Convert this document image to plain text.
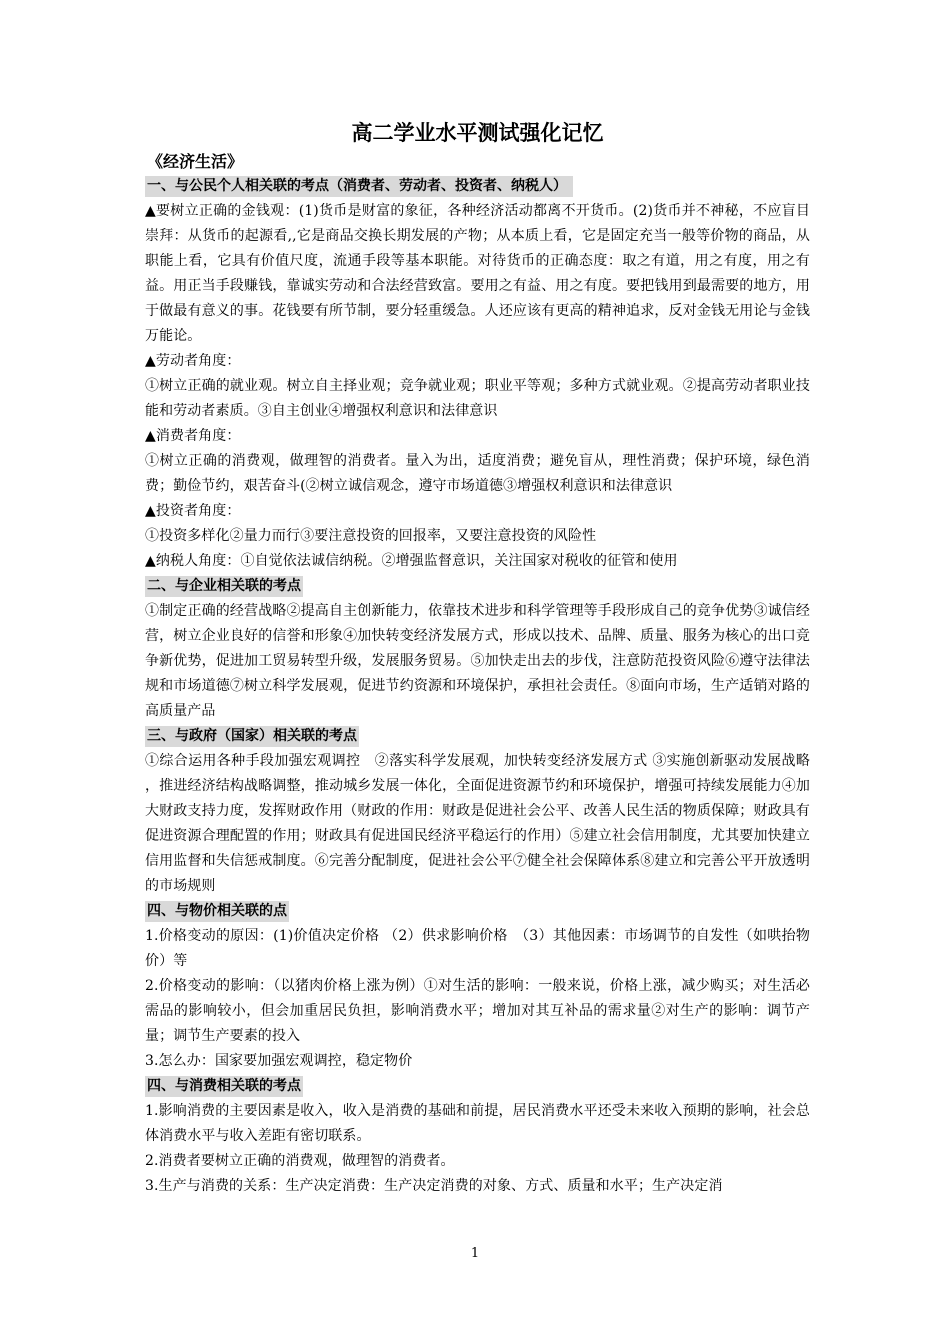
高二学业水平测试强化记忆
《经济生活》
一、与公民个人相关联的考点（消费者、劳动者、投资者、纳税人）

▲要树立正确的金钱观：(1)货币是财富的象征，各种经济活动都离不开货币。(2)货币并不神秘，不应盲目崇拜：从货币的起源看,,它是商品交换长期发展的产物；从本质上看，它是固定充当一般等价物的商品，从职能上看，它具有价值尺度，流通手段等基本职能。对待货币的正确态度：取之有道，用之有度，用之有益。用正当手段赚钱，靠诚实劳动和合法经营致富。要用之有益、用之有度。要把钱用到最需要的地方，用于做最有意义的事。花钱要有所节制，要分轻重缓急。人还应该有更高的精神追求，反对金钱无用论与金钱万能论。

▲劳动者角度：

①树立正确的就业观。树立自主择业观；竞争就业观；职业平等观；多种方式就业观。②提高劳动者职业技能和劳动者素质。③自主创业④增强权利意识和法律意识

▲消费者角度：

①树立正确的消费观，做理智的消费者。量入为出，适度消费；避免盲从，理性消费；保护环境，绿色消费；勤俭节约，艰苦奋斗(②树立诚信观念，遵守市场道德③增强权利意识和法律意识

▲投资者角度：

①投资多样化②量力而行③要注意投资的回报率，又要注意投资的风险性

▲纳税人角度：①自觉依法诚信纳税。②增强监督意识，关注国家对税收的征管和使用

二、与企业相关联的考点

①制定正确的经营战略②提高自主创新能力，依靠技术进步和科学管理等手段形成自己的竞争优势③诚信经营，树立企业良好的信誉和形象④加快转变经济发展方式，形成以技术、品牌、质量、服务为核心的出口竞争新优势，促进加工贸易转型升级，发展服务贸易。⑤加快走出去的步伐，注意防范投资风险⑥遵守法律法规和市场道德⑦树立科学发展观，促进节约资源和环境保护，承担社会责任。⑧面向市场，生产适销对路的高质量产品

三、与政府（国家）相关联的考点

①综合运用各种手段加强宏观调控　②落实科学发展观，加快转变经济发展方式 ③实施创新驱动发展战略 ，推进经济结构战略调整，推动城乡发展一体化，全面促进资源节约和环境保护，增强可持续发展能力④加大财政支持力度，发挥财政作用（财政的作用：财政是促进社会公平、改善人民生活的物质保障；财政具有促进资源合理配置的作用；财政具有促进国民经济平稳运行的作用）⑤建立社会信用制度，尤其要加快建立信用监督和失信惩戒制度。⑥完善分配制度，促进社会公平⑦健全社会保障体系⑧建立和完善公平开放透明的市场规则

四、与物价相关联的点

1.价格变动的原因：(1)价值决定价格 （2）供求影响价格　（3）其他因素：市场调节的自发性（如哄抬物价）等

2.价格变动的影响：（以猪肉价格上涨为例）①对生活的影响：一般来说，价格上涨，减少购买；对生活必需品的影响较小，但会加重居民负担，影响消费水平；增加对其互补品的需求量②对生产的影响：调节产量；调节生产要素的投入

3.怎么办：国家要加强宏观调控，稳定物价

四、与消费相关联的考点

1.影响消费的主要因素是收入，收入是消费的基础和前提，居民消费水平还受未来收入预期的影响，社会总体消费水平与收入差距有密切联系。

2.消费者要树立正确的消费观，做理智的消费者。

3.生产与消费的关系：生产决定消费：生产决定消费的对象、方式、质量和水平；生产决定消

1
